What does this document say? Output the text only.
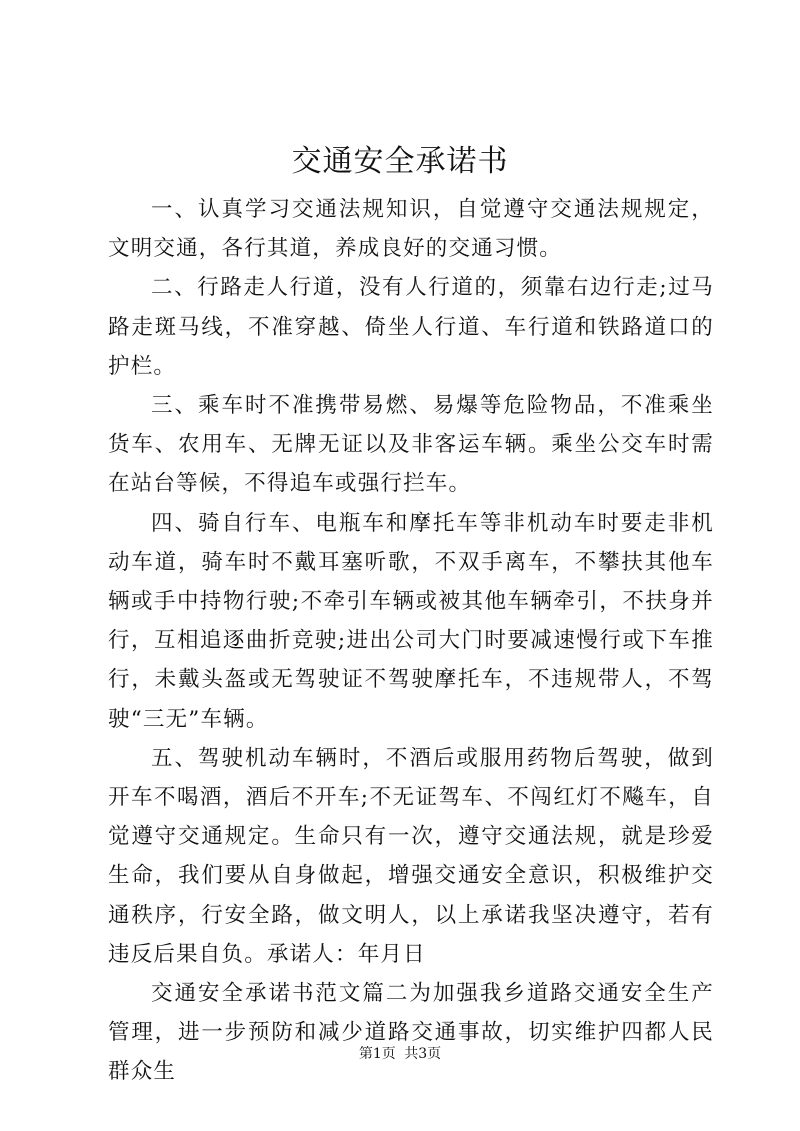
交通安全承诺书

一、认真学习交通法规知识，自觉遵守交通法规规定，文明交通，各行其道，养成良好的交通习惯。

二、行路走人行道，没有人行道的，须靠右边行走;过马路走斑马线，不准穿越、倚坐人行道、车行道和铁路道口的护栏。

三、乘车时不准携带易燃、易爆等危险物品，不准乘坐货车、农用车、无牌无证以及非客运车辆。乘坐公交车时需在站台等候，不得追车或强行拦车。

四、骑自行车、电瓶车和摩托车等非机动车时要走非机动车道，骑车时不戴耳塞听歌，不双手离车，不攀扶其他车辆或手中持物行驶;不牵引车辆或被其他车辆牵引，不扶身并行，互相追逐曲折竞驶;进出公司大门时要减速慢行或下车推行，未戴头盔或无驾驶证不驾驶摩托车，不违规带人，不驾驶“三无”车辆。

五、驾驶机动车辆时，不酒后或服用药物后驾驶，做到开车不喝酒，酒后不开车;不无证驾车、不闯红灯不飚车，自觉遵守交通规定。生命只有一次，遵守交通法规，就是珍爱生命，我们要从自身做起，增强交通安全意识，积极维护交通秩序，行安全路，做文明人，以上承诺我坚决遵守，若有违反后果自负。承诺人：年月日

交通安全承诺书范文篇二为加强我乡道路交通安全生产管理，进一步预防和减少道路交通事故，切实维护四都人民群众生

第1页 共3页
